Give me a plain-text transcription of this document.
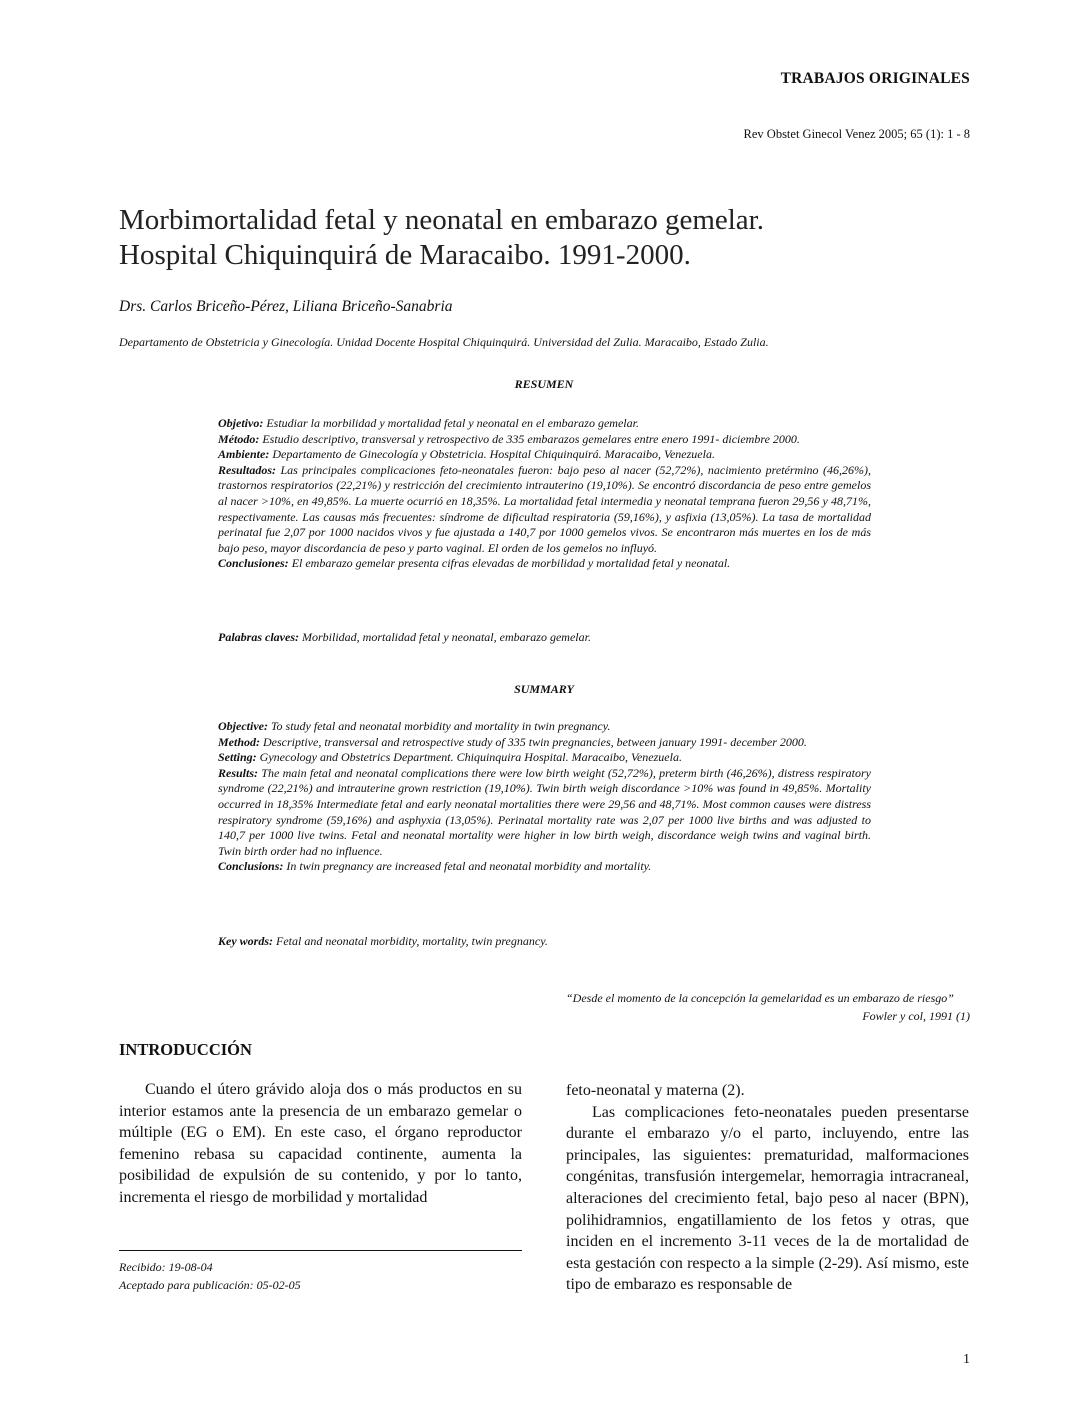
TRABAJOS ORIGINALES
Rev Obstet Ginecol Venez 2005; 65 (1): 1 - 8
Morbimortalidad fetal y neonatal en embarazo gemelar.
Hospital Chiquinquirá de Maracaibo. 1991-2000.
Drs. Carlos Briceño-Pérez, Liliana Briceño-Sanabria
Departamento de Obstetricia y Ginecología. Unidad Docente Hospital Chiquinquirá. Universidad del Zulia. Maracaibo, Estado Zulia.
RESUMEN

Objetivo: Estudiar la morbilidad y mortalidad fetal y neonatal en el embarazo gemelar.

Método: Estudio descriptivo, transversal y retrospectivo de 335 embarazos gemelares entre enero 1991- diciembre 2000.

Ambiente: Departamento de Ginecología y Obstetricia. Hospital Chiquinquirá. Maracaibo, Venezuela.

Resultados: Las principales complicaciones feto-neonatales fueron: bajo peso al nacer (52,72%), nacimiento pretérmino (46,26%), trastornos respiratorios (22,21%) y restricción del crecimiento intrauterino (19,10%). Se encontró discordancia de peso entre gemelos al nacer >10%, en 49,85%. La muerte ocurrió en 18,35%. La mortalidad fetal intermedia y neonatal temprana fueron 29,56 y 48,71%, respectivamente. Las causas más frecuentes: síndrome de dificultad respiratoria (59,16%), y asfixia (13,05%). La tasa de mortalidad perinatal fue 2,07 por 1000 nacidos vivos y fue ajustada a 140,7 por 1000 gemelos vivos. Se encontraron más muertes en los de más bajo peso, mayor discordancia de peso y parto vaginal. El orden de los gemelos no influyó.

Conclusiones: El embarazo gemelar presenta cifras elevadas de morbilidad y mortalidad fetal y neonatal.

Palabras claves: Morbilidad, mortalidad fetal y neonatal, embarazo gemelar.
SUMMARY

Objective: To study fetal and neonatal morbidity and mortality in twin pregnancy.

Method: Descriptive, transversal and retrospective study of 335 twin pregnancies, between january 1991- december 2000.

Setting: Gynecology and Obstetrics Department. Chiquinquira Hospital. Maracaibo, Venezuela.

Results: The main fetal and neonatal complications there were low birth weight (52,72%), preterm birth (46,26%), distress respiratory syndrome (22,21%) and intrauterine grown restriction (19,10%). Twin birth weigh discordance >10% was found in 49,85%. Mortality occurred in 18,35% Intermediate fetal and early neonatal mortalities there were 29,56 and 48,71%. Most common causes were distress respiratory syndrome (59,16%) and asphyxia (13,05%). Perinatal mortality rate was 2,07 per 1000 live births and was adjusted to 140,7 per 1000 live twins. Fetal and neonatal mortality were higher in low birth weigh, discordance weigh twins and vaginal birth. Twin birth order had no influence.

Conclusions: In twin pregnancy are increased fetal and neonatal morbidity and mortality.

Key words: Fetal and neonatal morbidity, mortality, twin pregnancy.
“Desde el momento de la concepción la gemelaridad es un embarazo de riesgo”
Fowler y col, 1991 (1)
INTRODUCCIÓN

Cuando el útero grávido aloja dos o más productos en su interior estamos ante la presencia de un embarazo gemelar o múltiple (EG o EM). En este caso, el órgano reproductor femenino rebasa su capacidad continente, aumenta la posibilidad de expulsión de su contenido, y por lo tanto, incrementa el riesgo de morbilidad y mortalidad

feto-neonatal y materna (2).

Las complicaciones feto-neonatales pueden presentarse durante el embarazo y/o el parto, incluyendo, entre las principales, las siguientes: prematuridad, malformaciones congénitas, transfusión intergemelar, hemorragia intracraneal, alteraciones del crecimiento fetal, bajo peso al nacer (BPN), polihidramnios, engatillamiento de los fetos y otras, que inciden en el incremento 3-11 veces de la de mortalidad de esta gestación con respecto a la simple (2-29). Así mismo, este tipo de embarazo es responsable de

Recibido: 19-08-04
Aceptado para publicación: 05-02-05
1
